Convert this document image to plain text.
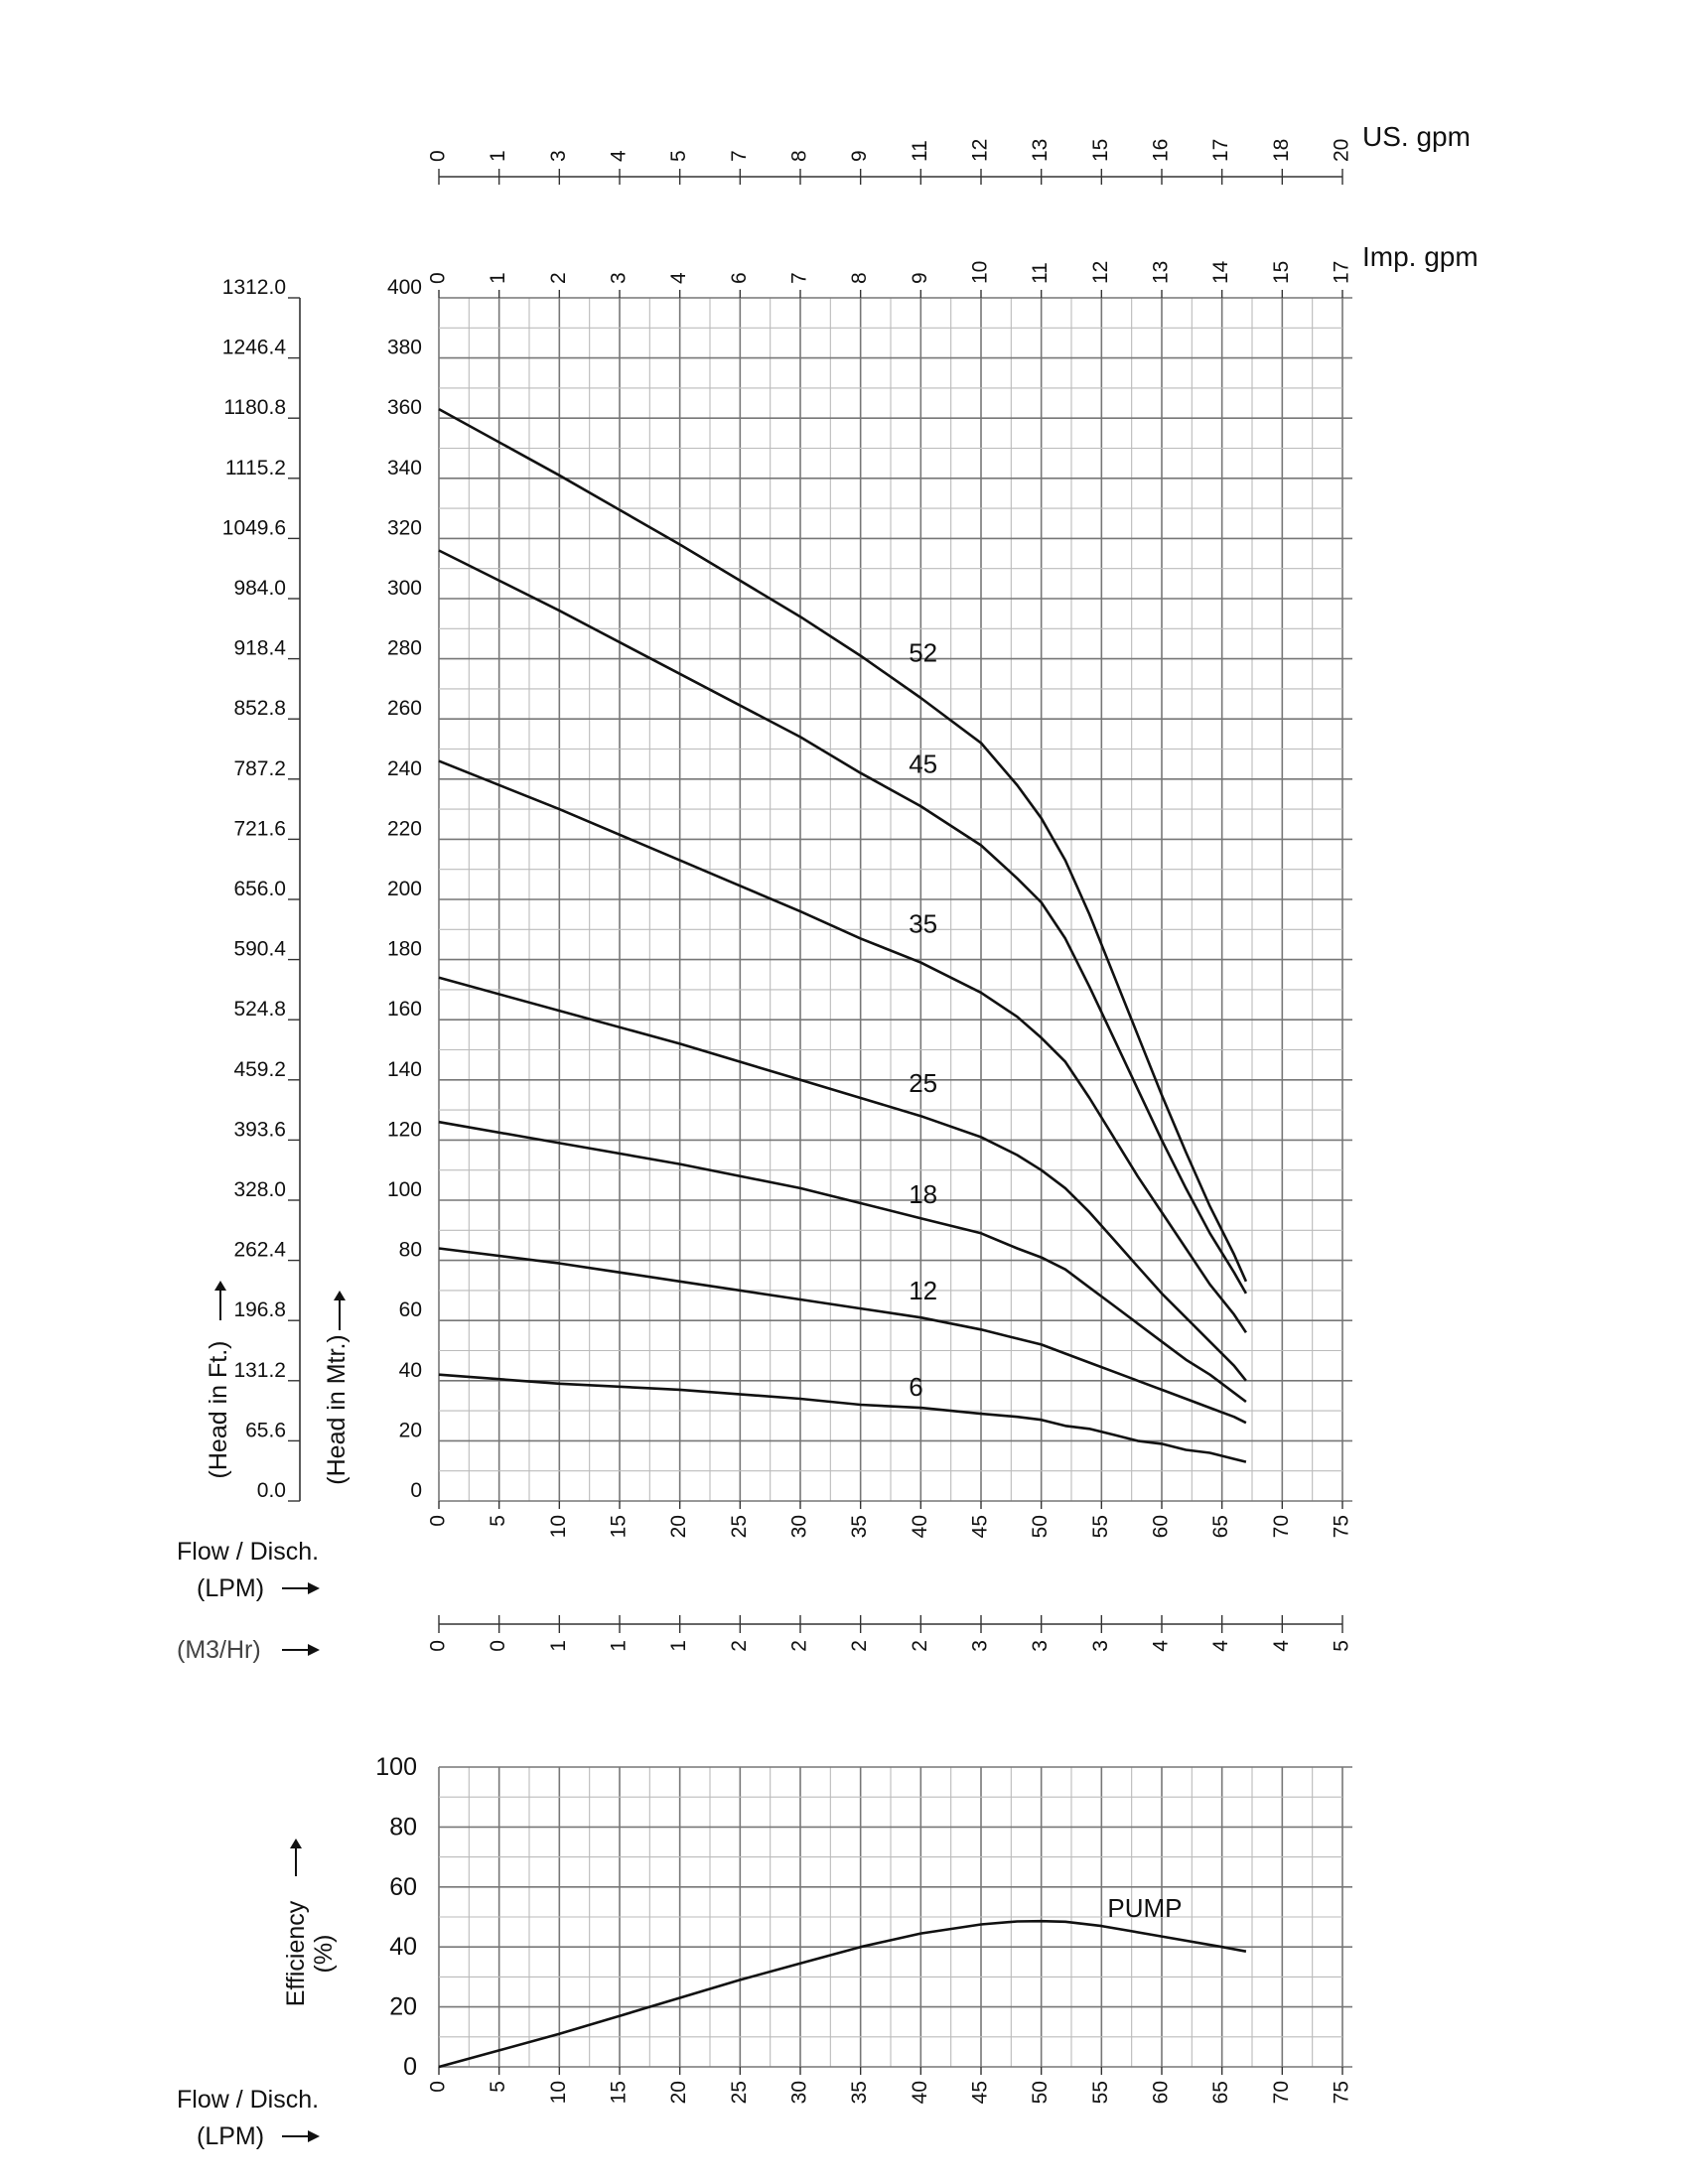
0 5 10 15 20 25 30 35 40 45 50 55 60 65 70 75
0
20
40
60
80
100
120
140
160
180
200
220
240
260
280
300
320
340
360
380
400
0.0
65.6
131.2
196.8
262.4
328.0
393.6
459.2
524.8
590.4
656.0
721.6
787.2
852.8
918.4
984.0
1049.6
1115.2
1180.8
1246.4
1312.0	0 1 2 3 4 6 7 8 9 10 11 12 13 14 15 17
Imp. gpm
0 1 3 4 5 7 8 9 11 12 13 15 16 17 18 20 US. gpm
0 0 1 1 1 2 2 2 2 3 3 3 4 4 4 5
52
45
35
25
18
12
6
(Head in Mtr.)
(Head in Ft.)
Flow / Disch.
(LPM)
(M3/Hr)
0 5 10 15 20 25 30 35 40 45 50 55 60 65 70 75
0
20
40
60
80
100
PUMP
Efficiency (%)
Flow / Disch.
(LPM)
